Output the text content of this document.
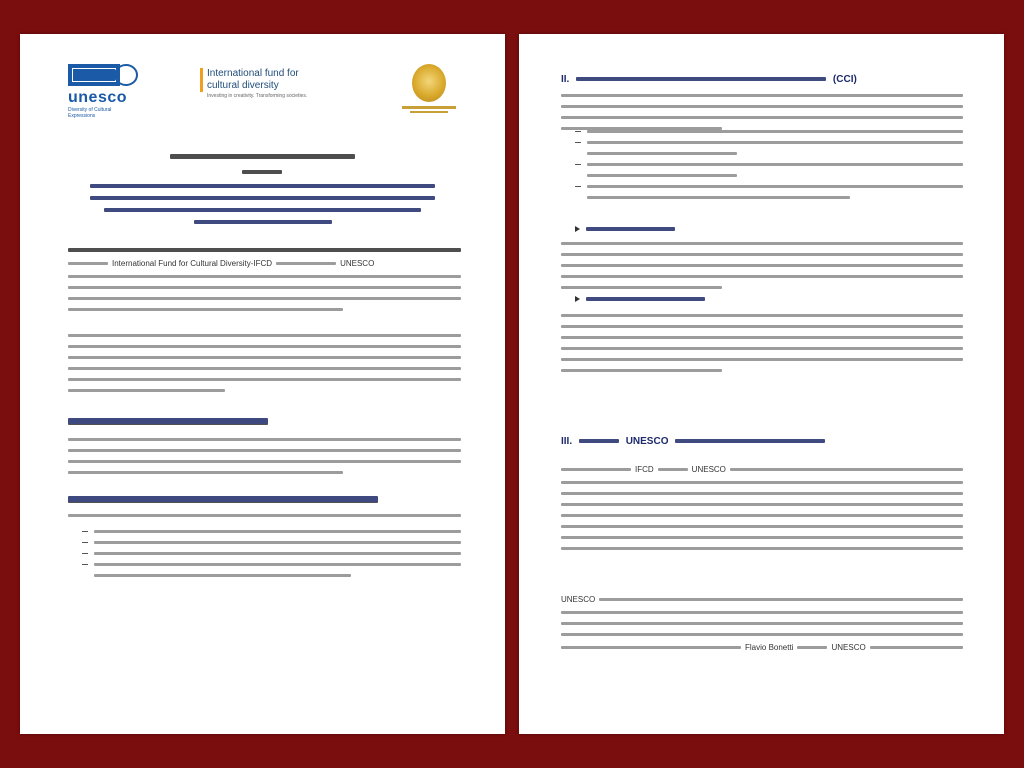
unesco
Diversity of Cultural Expressions
International fund for
cultural diversity
Investing in creativity. Transforming societies.
International Fund for Cultural Diversity-IFCD	UNESCO
II.	(CCI)
III.	UNESCO
IFCD	UNESCO
UNESCO
Flavio Bonetti	UNESCO
